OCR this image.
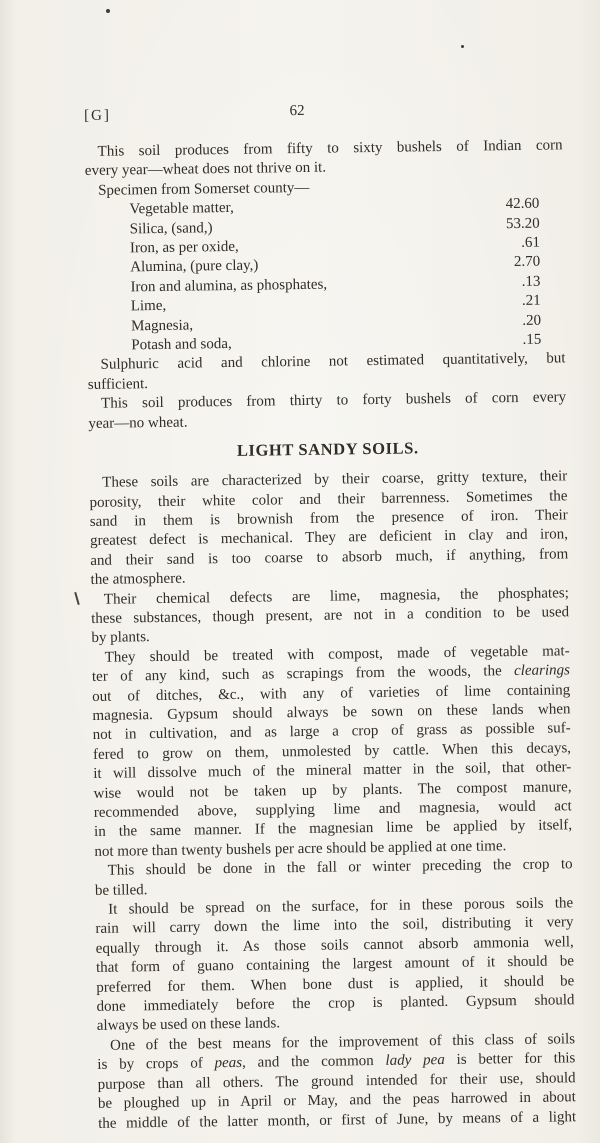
[G]	62
This soil produces from fifty to sixty bushels of Indian corn
every year—wheat does not thrive on it.
Specimen from Somerset county—
Vegetable matter,	42.60
Silica, (sand,)	53.20
Iron, as per oxide,	.61
Alumina, (pure clay,)	2.70
Iron and alumina, as phosphates,	.13
Lime,	.21
Magnesia,	.20
Potash and soda,	.15
Sulphuric acid and chlorine not estimated quantitatively, but
sufficient.
This soil produces from thirty to forty bushels of corn every
year—no wheat.
LIGHT SANDY SOILS.
These soils are characterized by their coarse, gritty texture, their
porosity, their white color and their barrenness. Sometimes the
sand in them is brownish from the presence of iron. Their
greatest defect is mechanical. They are deficient in clay and iron,
and their sand is too coarse to absorb much, if anything, from
the atmosphere.
Their chemical defects are lime, magnesia, the phosphates;
these substances, though present, are not in a condition to be used
by plants.
They should be treated with compost, made of vegetable mat-
ter of any kind, such as scrapings from the woods, the clearings
out of ditches, &c., with any of varieties of lime containing
magnesia. Gypsum should always be sown on these lands when
not in cultivation, and as large a crop of grass as possible suf-
fered to grow on them, unmolested by cattle. When this decays,
it will dissolve much of the mineral matter in the soil, that other-
wise would not be taken up by plants. The compost manure,
recommended above, supplying lime and magnesia, would act
in the same manner. If the magnesian lime be applied by itself,
not more than twenty bushels per acre should be applied at one time.
This should be done in the fall or winter preceding the crop to
be tilled.
It should be spread on the surface, for in these porous soils the
rain will carry down the lime into the soil, distributing it very
equally through it. As those soils cannot absorb ammonia well,
that form of guano containing the largest amount of it should be
preferred for them. When bone dust is applied, it should be
done immediately before the crop is planted. Gypsum should
always be used on these lands.
One of the best means for the improvement of this class of soils
is by crops of peas, and the common lady pea is better for this
purpose than all others. The ground intended for their use, should
be ploughed up in April or May, and the peas harrowed in about
the middle of the latter month, or first of June, by means of a light
